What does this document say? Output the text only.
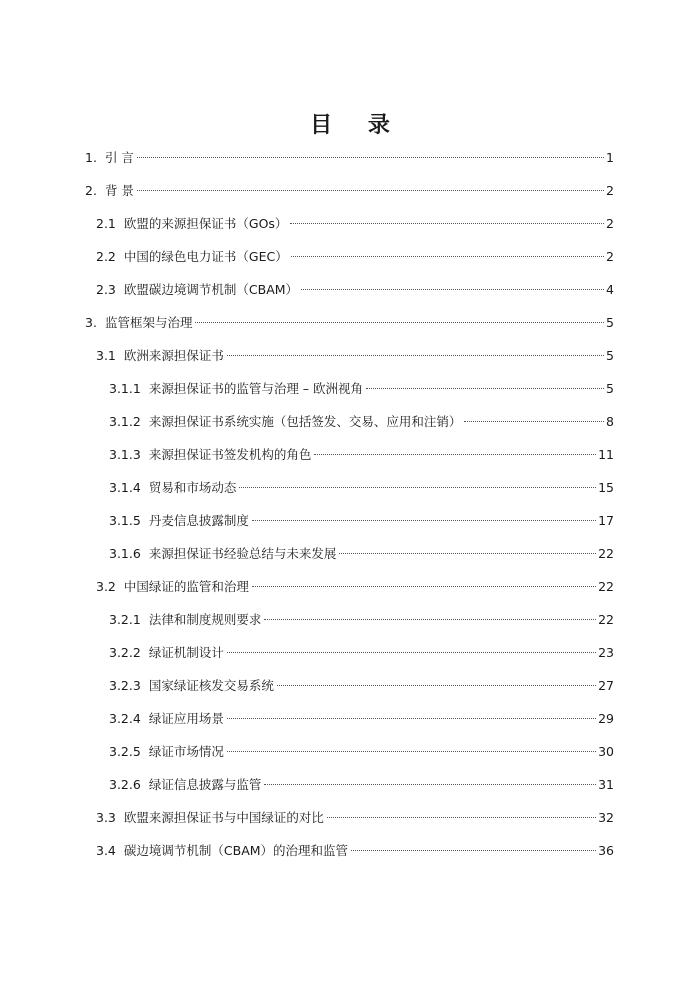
目 录
1. 引 言	1
2. 背 景	2
2.1 欧盟的来源担保证书（GOs）	2
2.2 中国的绿色电力证书（GEC）	2
2.3 欧盟碳边境调节机制（CBAM）	4
3. 监管框架与治理	5
3.1 欧洲来源担保证书	5
3.1.1 来源担保证书的监管与治理 – 欧洲视角	5
3.1.2 来源担保证书系统实施（包括签发、交易、应用和注销）	8
3.1.3 来源担保证书签发机构的角色	11
3.1.4 贸易和市场动态	15
3.1.5 丹麦信息披露制度	17
3.1.6 来源担保证书经验总结与未来发展	22
3.2 中国绿证的监管和治理	22
3.2.1 法律和制度规则要求	22
3.2.2 绿证机制设计	23
3.2.3 国家绿证核发交易系统	27
3.2.4 绿证应用场景	29
3.2.5 绿证市场情况	30
3.2.6 绿证信息披露与监管	31
3.3 欧盟来源担保证书与中国绿证的对比	32
3.4 碳边境调节机制（CBAM）的治理和监管	36
